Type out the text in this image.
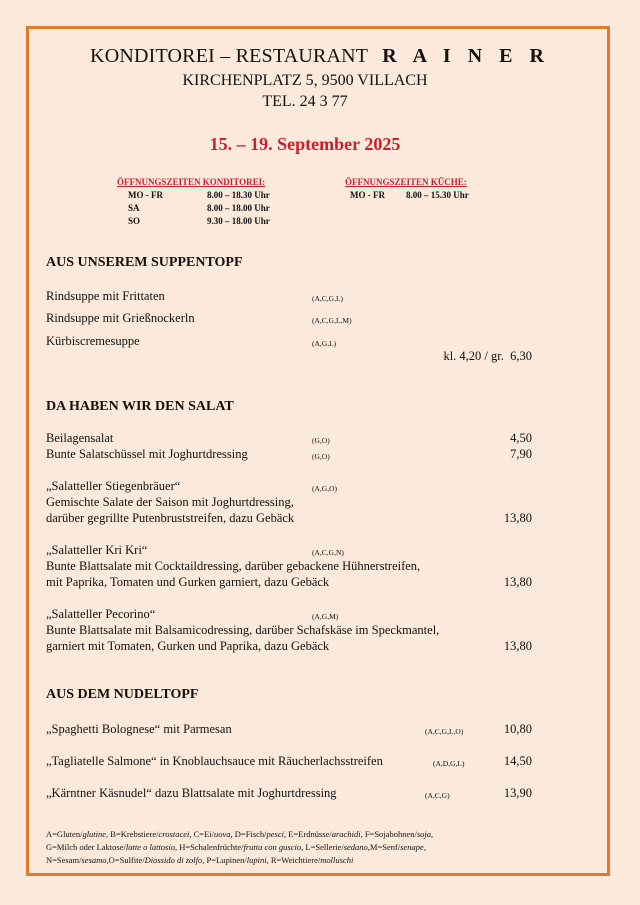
KONDITOREI – RESTAURANT R A I N E R
KIRCHENPLATZ 5, 9500 VILLACH
TEL. 24 3 77
15. – 19. September 2025
ÖFFNUNGSZEITEN KONDITOREI:
MO - FR	8.00 – 18.30 Uhr
SA	8.00 – 18.00 Uhr
SO	9.30 – 18.00 Uhr
ÖFFNUNGSZEITEN KÜCHE:
MO - FR 8.00 – 15.30 Uhr
AUS UNSEREM SUPPENTOPF
Rindsuppe mit Frittaten	(A,C,G,L)
Rindsuppe mit Grießnockerln	(A,C,G,L,M)
Kürbiscremesuppe	(A,G,L)
kl. 4,20 / gr.  6,30
DA HABEN WIR DEN SALAT
Beilagensalat	(G,O)	4,50
Bunte Salatschüssel mit Joghurtdressing	(G,O)	7,90
„Salatteller Stiegenbräuer“	(A,G,O)
Gemischte Salate der Saison mit Joghurtdressing,
darüber gegrillte Putenbruststreifen, dazu Gebäck	13,80
„Salatteller Kri Kri“	(A,C,G,N)
Bunte Blattsalate mit Cocktaildressing, darüber gebackene Hühnerstreifen,
mit Paprika, Tomaten und Gurken garniert, dazu Gebäck	13,80
„Salatteller Pecorino“	(A,G,M)
Bunte Blattsalate mit Balsamicodressing, darüber Schafskäse im Speckmantel,
garniert mit Tomaten, Gurken und Paprika, dazu Gebäck	13,80
AUS DEM NUDELTOPF
„Spaghetti Bolognese“ mit Parmesan	(A,C,G,L,O)	10,80
„Tagliatelle Salmone“ in Knoblauchsauce mit Räucherlachsstreifen	(A,D,G,L)	14,50
„Kärntner Käsnudel“ dazu Blattsalate mit Joghurtdressing	(A,C,G)	13,90
A=Gluten/glutine, B=Krebstiere/crostacei, C=Ei/uova, D=Fisch/pesci, E=Erdnüsse/arachidi, F=Sojabohnen/soja,
G=Milch oder Laktose/latte o lattosio, H=Schalenfrüchte/frutta con guscio, L=Sellerie/sedano,M=Senf/senape,
N=Sesam/sesamo,O=Sulfite/Diossido di zolfo, P=Lupinen/lupini, R=Weichtiere/molluschi
